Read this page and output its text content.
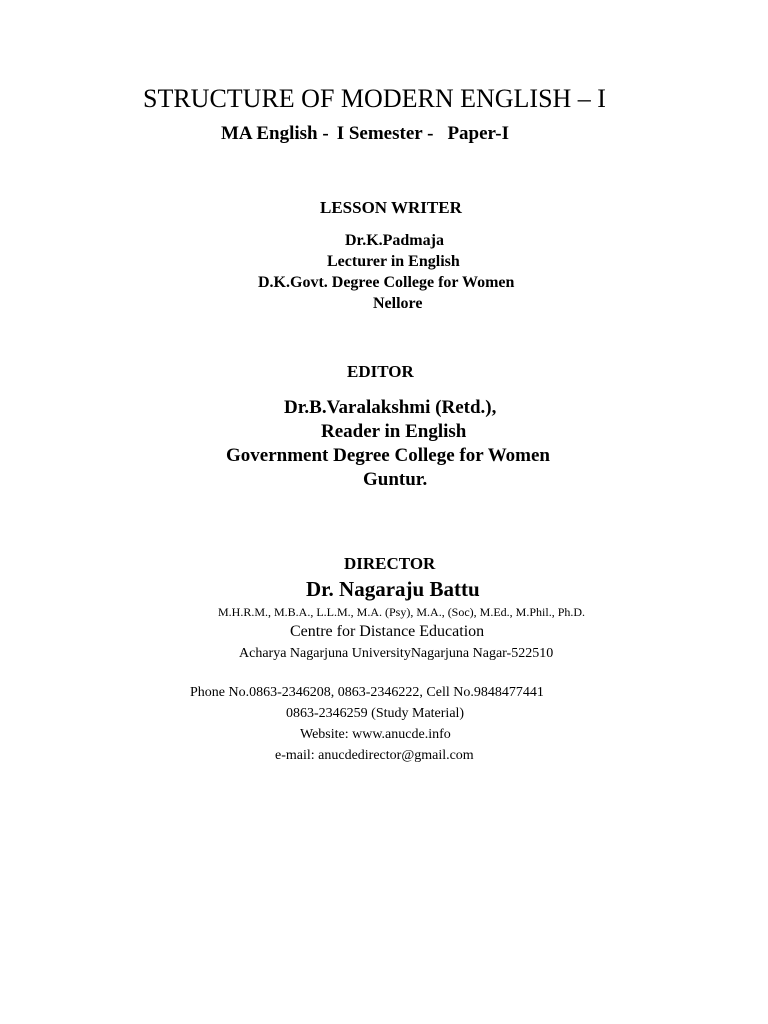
STRUCTURE OF MODERN ENGLISH – I
MA English - I Semester - Paper-I
LESSON WRITER
Dr.K.Padmaja
Lecturer in English
D.K.Govt. Degree College for Women
Nellore
EDITOR
Dr.B.Varalakshmi (Retd.),
Reader in English
Government Degree College for Women
Guntur.
DIRECTOR
Dr. Nagaraju Battu
M.H.R.M., M.B.A., L.L.M., M.A. (Psy), M.A., (Soc), M.Ed., M.Phil., Ph.D.
Centre for Distance Education
Acharya Nagarjuna UniversityNagarjuna Nagar-522510
Phone No.0863-2346208, 0863-2346222, Cell No.9848477441
0863-2346259 (Study Material)
Website: www.anucde.info
e-mail: anucdedirector@gmail.com
